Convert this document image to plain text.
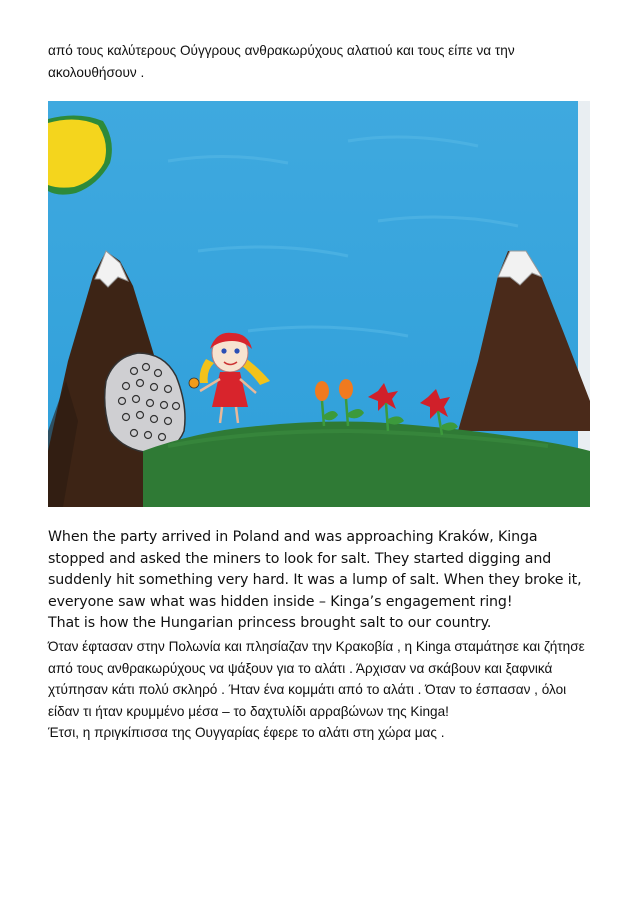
από τους καλύτερους Ούγγρους ανθρακωρύχους αλατιού και τους είπε να την ακολουθήσουν .

When the party arrived in Poland and was approaching Kraków, Kinga stopped and asked the miners to look for salt. They started digging and suddenly hit something very hard. It was a lump of salt. When they broke it, everyone saw what was hidden inside – Kinga’s engagement ring!
That is how the Hungarian princess brought salt to our country.
Όταν έφτασαν στην Πολωνία και πλησίαζαν την Κρακοβία , η Kinga σταμάτησε και ζήτησε από τους ανθρακωρύχους να ψάξουν για το αλάτι . Άρχισαν να σκάβουν και ξαφνικά χτύπησαν κάτι πολύ σκληρό . Ήταν ένα κομμάτι από το αλάτι . Όταν το έσπασαν , όλοι είδαν τι ήταν κρυμμένο μέσα – το δαχτυλίδι αρραβώνων της Kinga!
Έτσι, η πριγκίπισσα της Ουγγαρίας έφερε το αλάτι στη χώρα μας .
